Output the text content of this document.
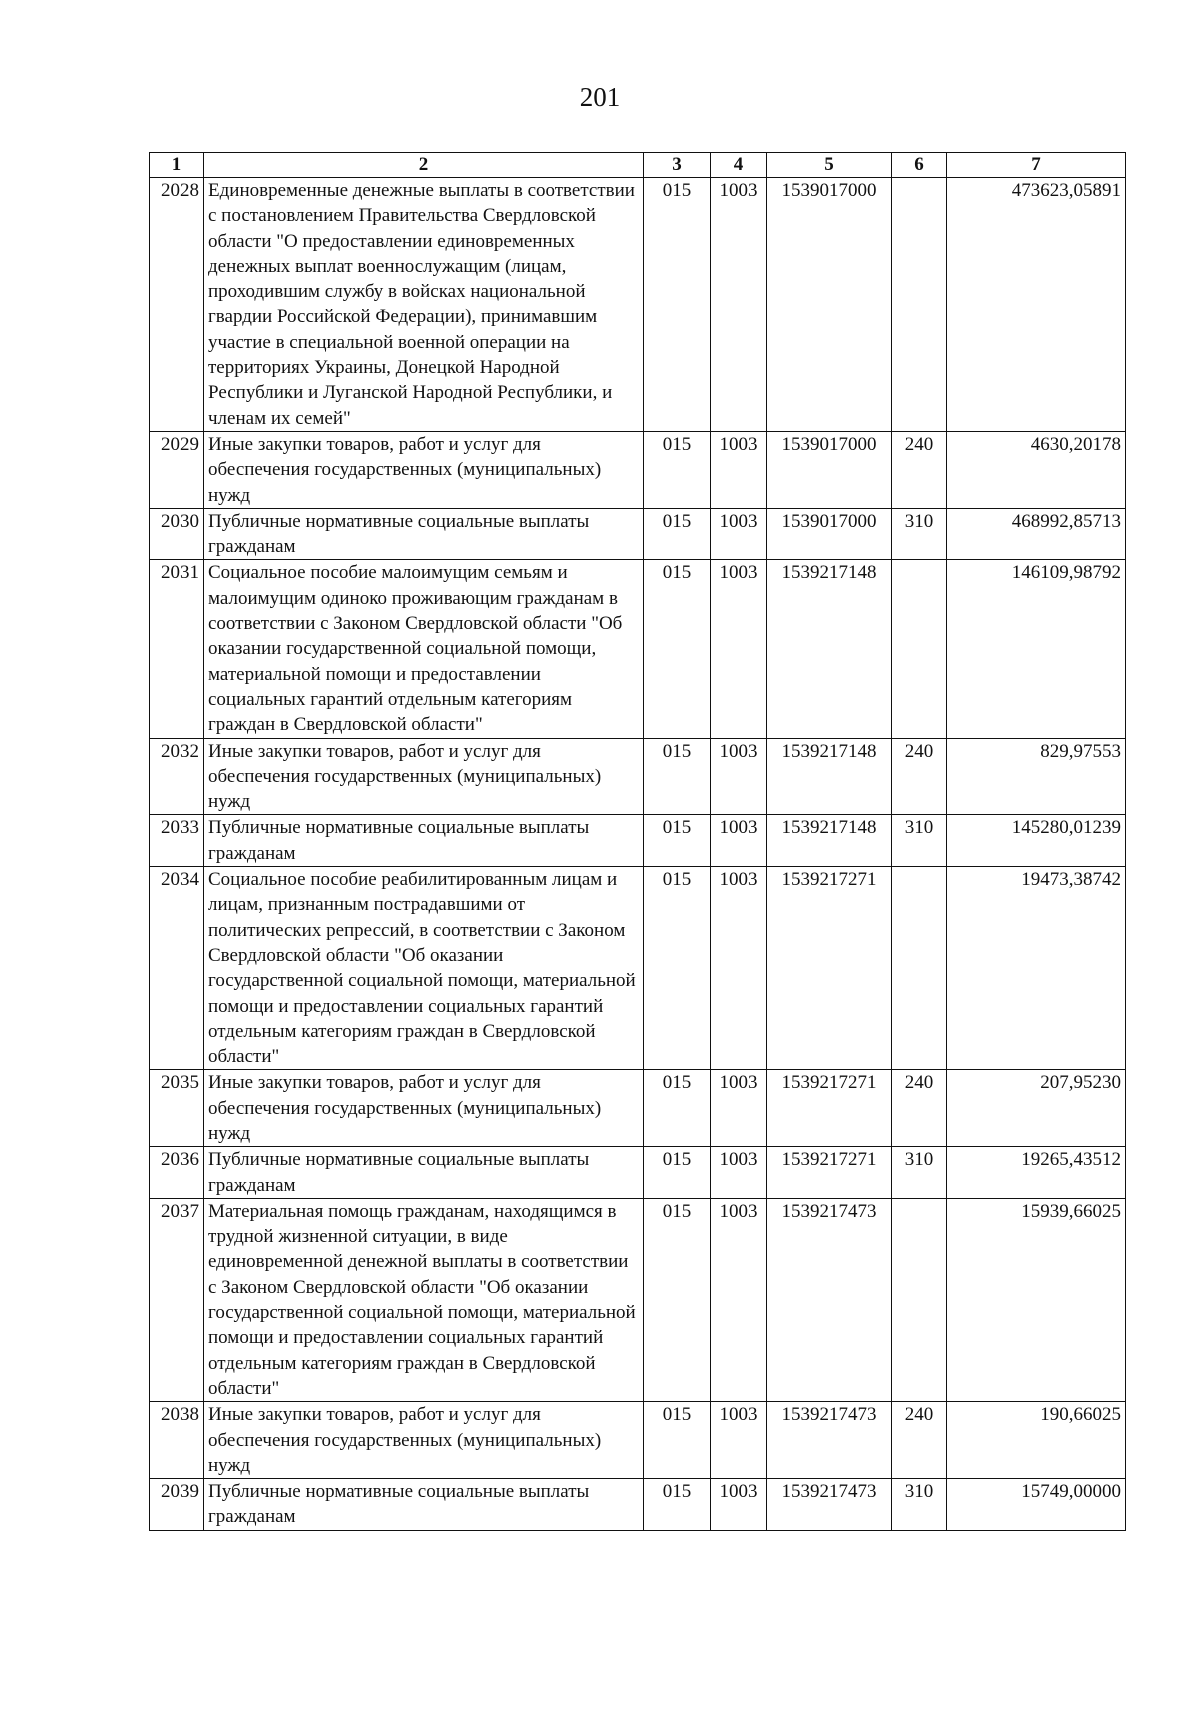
201
1	2	3	4	5	6	7
2028	Единовременные денежные выплаты в соответствии с постановлением Правительства Свердловской области "О предоставлении единовременных денежных выплат военнослужащим (лицам, проходившим службу в войсках национальной гвардии Российской Федерации), принимавшим участие в специальной военной операции на территориях Украины, Донецкой Народной Республики и Луганской Народной Республики, и членам их семей"	015	1003	1539017000		473623,05891
2029	Иные закупки товаров, работ и услуг для обеспечения государственных (муниципальных) нужд	015	1003	1539017000	240	4630,20178
2030	Публичные нормативные социальные выплаты гражданам	015	1003	1539017000	310	468992,85713
2031	Социальное пособие малоимущим семьям и малоимущим одиноко проживающим гражданам в соответствии с Законом Свердловской области "Об оказании государственной социальной помощи, материальной помощи и предоставлении социальных гарантий отдельным категориям граждан в Свердловской области"	015	1003	1539217148		146109,98792
2032	Иные закупки товаров, работ и услуг для обеспечения государственных (муниципальных) нужд	015	1003	1539217148	240	829,97553
2033	Публичные нормативные социальные выплаты гражданам	015	1003	1539217148	310	145280,01239
2034	Социальное пособие реабилитированным лицам и лицам, признанным пострадавшими от политических репрессий, в соответствии с Законом Свердловской области "Об оказании государственной социальной помощи, материальной помощи и предоставлении социальных гарантий отдельным категориям граждан в Свердловской области"	015	1003	1539217271		19473,38742
2035	Иные закупки товаров, работ и услуг для обеспечения государственных (муниципальных) нужд	015	1003	1539217271	240	207,95230
2036	Публичные нормативные социальные выплаты гражданам	015	1003	1539217271	310	19265,43512
2037	Материальная помощь гражданам, находящимся в трудной жизненной ситуации, в виде единовременной денежной выплаты в соответствии с Законом Свердловской области "Об оказании государственной социальной помощи, материальной помощи и предоставлении социальных гарантий отдельным категориям граждан в Свердловской области"	015	1003	1539217473		15939,66025
2038	Иные закупки товаров, работ и услуг для обеспечения государственных (муниципальных) нужд	015	1003	1539217473	240	190,66025
2039	Публичные нормативные социальные выплаты гражданам	015	1003	1539217473	310	15749,00000
